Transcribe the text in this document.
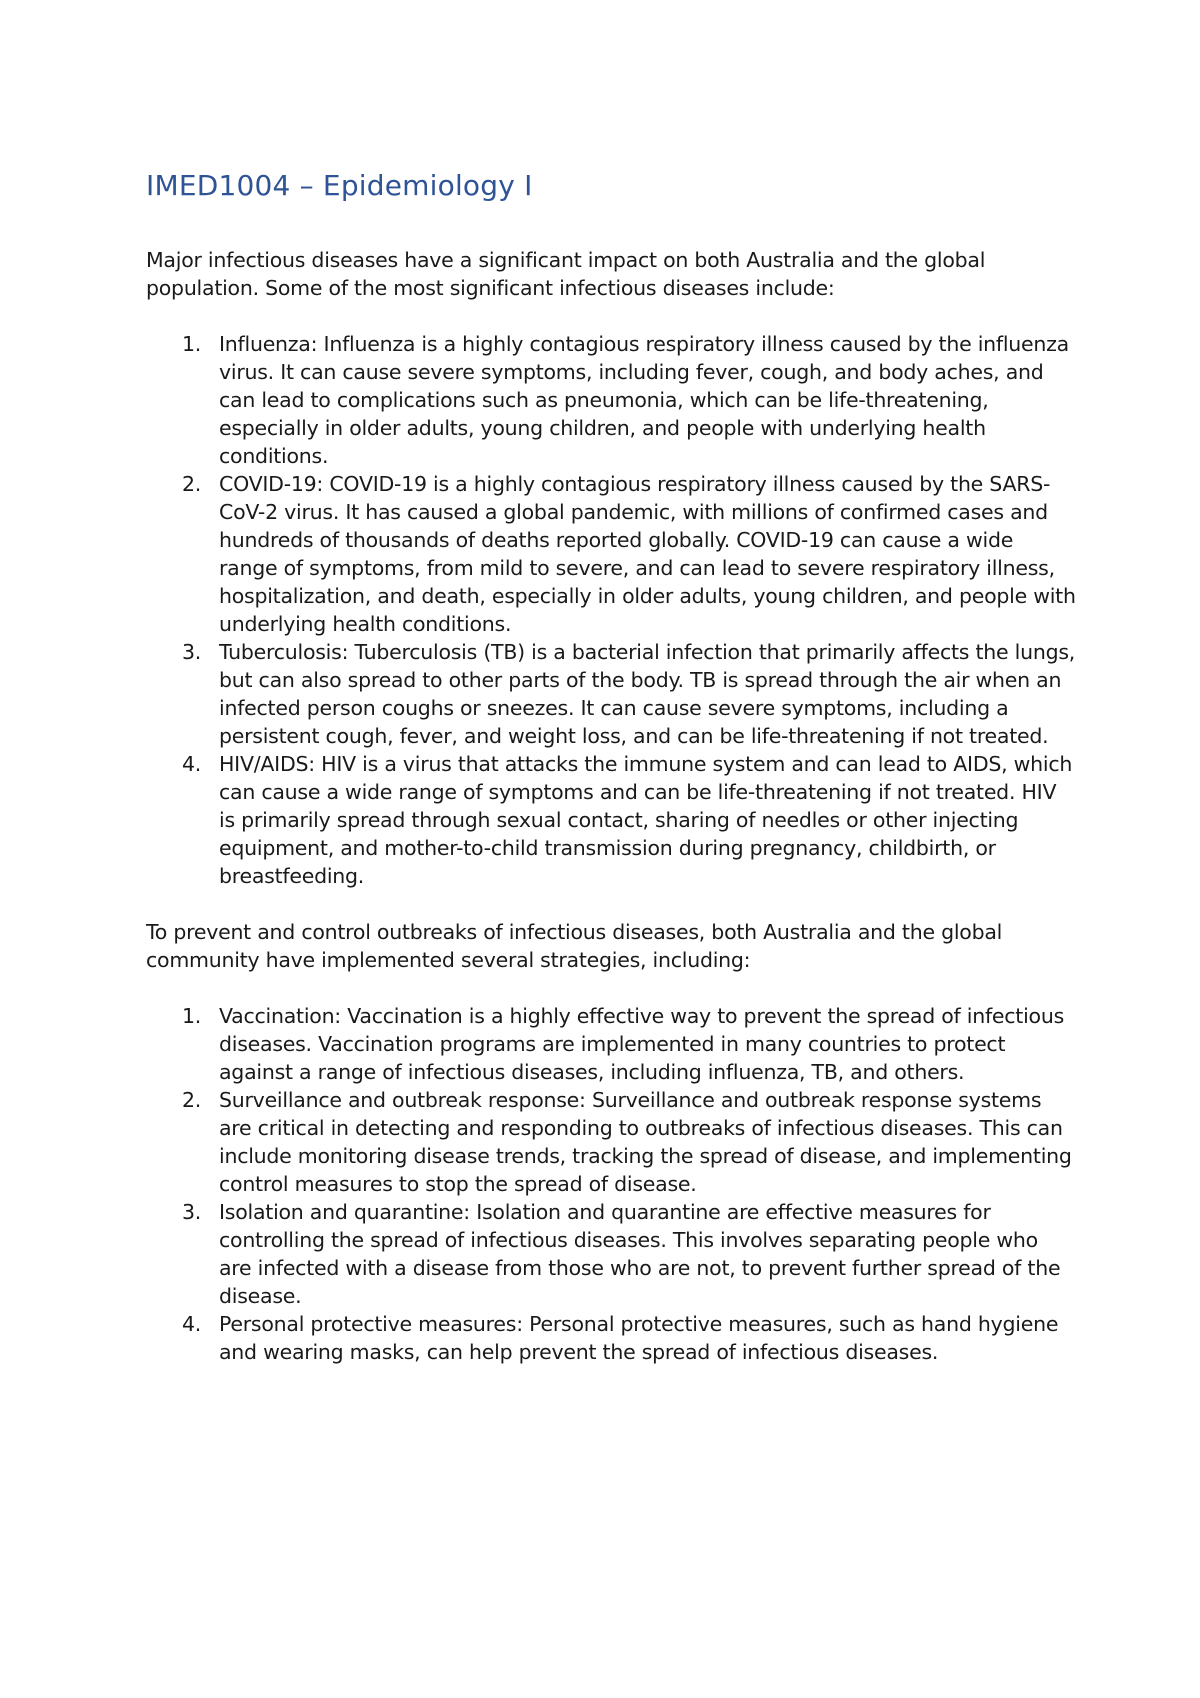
IMED1004 – Epidemiology I

Major infectious diseases have a significant impact on both Australia and the global population. Some of the most significant infectious diseases include:

1. Influenza: Influenza is a highly contagious respiratory illness caused by the influenza virus. It can cause severe symptoms, including fever, cough, and body aches, and can lead to complications such as pneumonia, which can be life-threatening, especially in older adults, young children, and people with underlying health conditions.
2. COVID-19: COVID-19 is a highly contagious respiratory illness caused by the SARS-CoV-2 virus. It has caused a global pandemic, with millions of confirmed cases and hundreds of thousands of deaths reported globally. COVID-19 can cause a wide range of symptoms, from mild to severe, and can lead to severe respiratory illness, hospitalization, and death, especially in older adults, young children, and people with underlying health conditions.
3. Tuberculosis: Tuberculosis (TB) is a bacterial infection that primarily affects the lungs, but can also spread to other parts of the body. TB is spread through the air when an infected person coughs or sneezes. It can cause severe symptoms, including a persistent cough, fever, and weight loss, and can be life-threatening if not treated.
4. HIV/AIDS: HIV is a virus that attacks the immune system and can lead to AIDS, which can cause a wide range of symptoms and can be life-threatening if not treated. HIV is primarily spread through sexual contact, sharing of needles or other injecting equipment, and mother-to-child transmission during pregnancy, childbirth, or breastfeeding.

To prevent and control outbreaks of infectious diseases, both Australia and the global community have implemented several strategies, including:

1. Vaccination: Vaccination is a highly effective way to prevent the spread of infectious diseases. Vaccination programs are implemented in many countries to protect against a range of infectious diseases, including influenza, TB, and others.
2. Surveillance and outbreak response: Surveillance and outbreak response systems are critical in detecting and responding to outbreaks of infectious diseases. This can include monitoring disease trends, tracking the spread of disease, and implementing control measures to stop the spread of disease.
3. Isolation and quarantine: Isolation and quarantine are effective measures for controlling the spread of infectious diseases. This involves separating people who are infected with a disease from those who are not, to prevent further spread of the disease.
4. Personal protective measures: Personal protective measures, such as hand hygiene and wearing masks, can help prevent the spread of infectious diseases.
